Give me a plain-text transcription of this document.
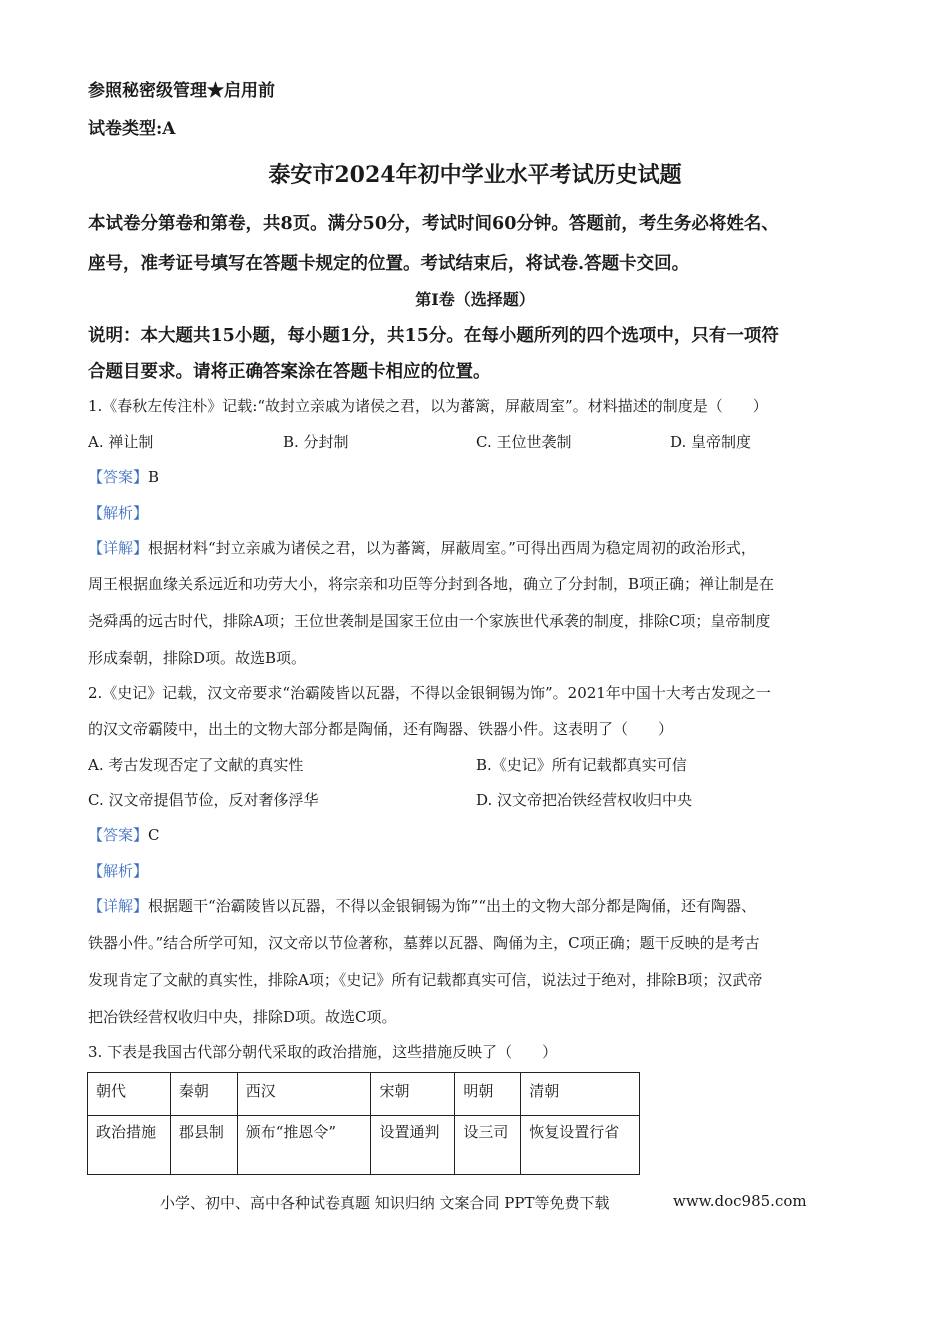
参照秘密级管理★启用前
试卷类型:A
泰安市2024年初中学业水平考试历史试题
本试卷分第卷和第卷，共8页。满分50分，考试时间60分钟。答题前，考生务必将姓名、
座号，准考证号填写在答题卡规定的位置。考试结束后，将试卷.答题卡交回。
第Ⅰ卷（选择题）
说明：本大题共15小题，每小题1分，共15分。在每小题所列的四个选项中，只有一项符
合题目要求。请将正确答案涂在答题卡相应的位置。
1.《春秋左传注朴》记载:“故封立亲戚为诸侯之君，以为蕃篱，屏蔽周室”。材料描述的制度是（　　）
A. 禅让制	B. 分封制	C. 王位世袭制	D. 皇帝制度
【答案】B
【解析】
【详解】根据材料“封立亲戚为诸侯之君，以为蕃篱，屏蔽周室。”可得出西周为稳定周初的政治形式，
周王根据血缘关系远近和功劳大小，将宗亲和功臣等分封到各地，确立了分封制，B项正确；禅让制是在
尧舜禹的远古时代，排除A项；王位世袭制是国家王位由一个家族世代承袭的制度，排除C项；皇帝制度
形成秦朝，排除D项。故选B项。
2.《史记》记载，汉文帝要求“治霸陵皆以瓦器，不得以金银铜锡为饰”。2021年中国十大考古发现之一
的汉文帝霸陵中，出土的文物大部分都是陶俑，还有陶器、铁器小件。这表明了（　　）
A. 考古发现否定了文献的真实性	B.《史记》所有记载都真实可信
C. 汉文帝提倡节俭，反对奢侈浮华	D. 汉文帝把冶铁经营权收归中央
【答案】C
【解析】
【详解】根据题干“治霸陵皆以瓦器，不得以金银铜锡为饰”“出土的文物大部分都是陶俑，还有陶器、
铁器小件。”结合所学可知，汉文帝以节俭著称，墓葬以瓦器、陶俑为主，C项正确；题干反映的是考古
发现肯定了文献的真实性，排除A项；《史记》所有记载都真实可信，说法过于绝对，排除B项；汉武帝
把冶铁经营权收归中央，排除D项。故选C项。
3. 下表是我国古代部分朝代采取的政治措施，这些措施反映了（　　）
朝代	秦朝	西汉	宋朝	明朝	清朝
政治措施	郡县制	颁布“推恩令”	设置通判	设三司	恢复设置行省
小学、初中、高中各种试卷真题 知识归纳 文案合同 PPT等免费下载	www.doc985.com
